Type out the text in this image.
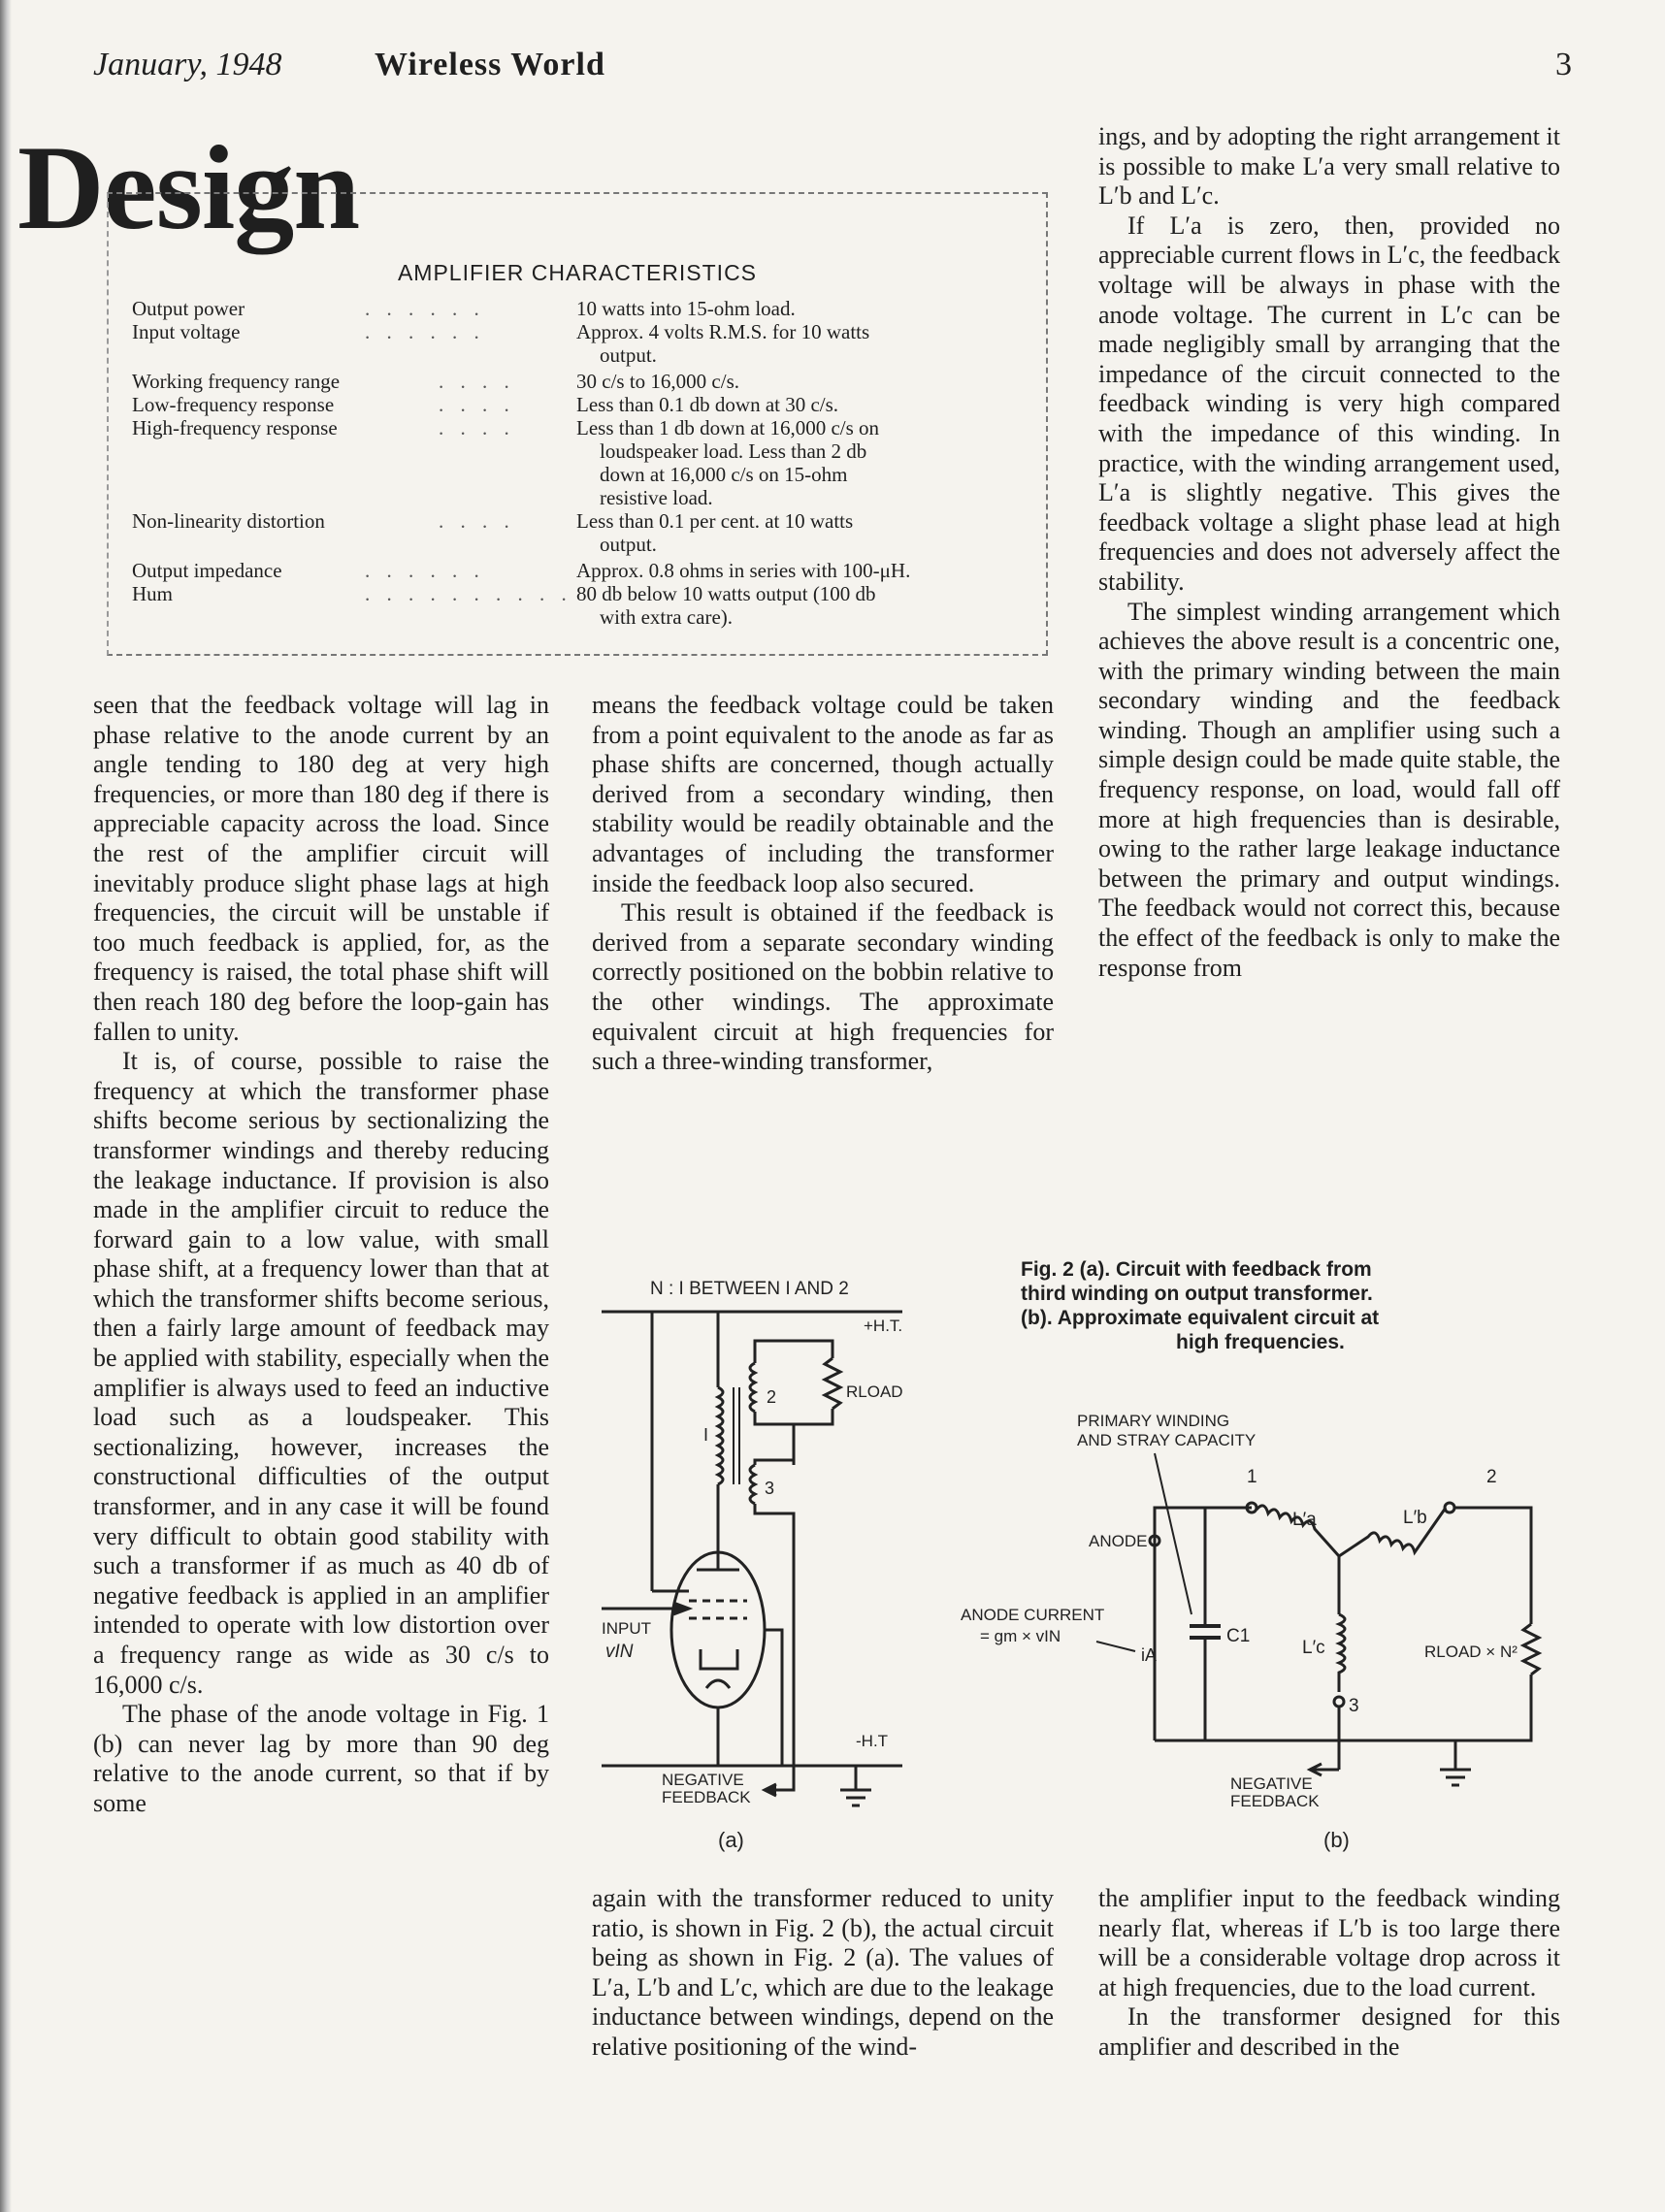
January, 1948	Wireless World	3
Design
AMPLIFIER CHARACTERISTICS
Output power	. . . . . .	10 watts into 15-ohm load.
Input voltage	. . . . . .	Approx. 4 volts R.M.S. for 10 watts
output.
Working frequency range	. . . .	30 c/s to 16,000 c/s.
Low-frequency response	. . . .	Less than 0.1 db down at 30 c/s.
High-frequency response	. . . .	Less than 1 db down at 16,000 c/s on
loudspeaker load. Less than 2 db
down at 16,000 c/s on 15-ohm
resistive load.
Non-linearity distortion	. . . .	Less than 0.1 per cent. at 10 watts
output.
Output impedance	. . . . . .	Approx. 0.8 ohms in series with 100-μH.
Hum	. . . . . . . . . . 80 db below 10 watts output (100 db
with extra care).

seen that the feedback voltage will lag in phase relative to the anode current by an angle tending to 180 deg at very high frequencies, or more than 180 deg if there is appreciable capacity across the load. Since the rest of the amplifier circuit will inevitably produce slight phase lags at high frequencies, the circuit will be unstable if too much feedback is applied, for, as the frequency is raised, the total phase shift will then reach 180 deg before the loop-gain has fallen to unity.

It is, of course, possible to raise the frequency at which the transformer phase shifts become serious by sectionalizing the transformer windings and thereby reducing the leakage inductance. If provision is also made in the amplifier circuit to reduce the forward gain to a low value, with small phase shift, at a frequency lower than that at which the transformer shifts become serious, then a fairly large amount of feedback may be applied with stability, especially when the amplifier is always used to feed an inductive load such as a loudspeaker. This sectionalizing, however, increases the constructional difficulties of the output transformer, and in any case it will be found very difficult to obtain good stability with such a transformer if as much as 40 db of negative feedback is applied in an amplifier intended to operate with low distortion over a frequency range as wide as 30 c/s to 16,000 c/s.

The phase of the anode voltage in Fig. 1 (b) can never lag by more than 90 deg relative to the anode current, so that if by some

means the feedback voltage could be taken from a point equivalent to the anode as far as phase shifts are concerned, though actually derived from a secondary winding, then stability would be readily obtainable and the advantages of including the transformer inside the feedback loop also secured.

This result is obtained if the feedback is derived from a separate secondary winding correctly positioned on the bobbin relative to the other windings. The approximate equivalent circuit at high frequencies for such a three-winding transformer,

again with the transformer reduced to unity ratio, is shown in Fig. 2 (b), the actual circuit being as shown in Fig. 2 (a). The values of L′a, L′b and L′c, which are due to the leakage inductance between windings, depend on the relative positioning of the wind-

ings, and by adopting the right arrangement it is possible to make L′a very small relative to L′b and L′c.

If L′a is zero, then, provided no appreciable current flows in L′c, the feedback voltage will be always in phase with the anode voltage. The current in L′c can be made negligibly small by arranging that the impedance of the circuit connected to the feedback winding is very high compared with the impedance of this winding. In practice, with the winding arrangement used, L′a is slightly negative. This gives the feedback voltage a slight phase lead at high frequencies and does not adversely affect the stability.

The simplest winding arrangement which achieves the above result is a concentric one, with the primary winding between the main secondary winding and the feedback winding. Though an amplifier using such a simple design could be made quite stable, the frequency response, on load, would fall off more at high frequencies than is desirable, owing to the rather large leakage inductance between the primary and output windings. The feedback would not correct this, because the effect of the feedback is only to make the response from

the amplifier input to the feedback winding nearly flat, whereas if L′b is too large there will be a considerable voltage drop across it at high frequencies, due to the load current.

In the transformer designed for this amplifier and described in the

Fig. 2 (a). Circuit with feedback from
third winding on output transformer.
(b). Approximate equivalent circuit at
high frequencies.
N : I BETWEEN I AND 2
+H.T.
I
2	RLOAD
3
INPUT
vIN
-H.T
NEGATIVE
FEEDBACK
(a)
PRIMARY WINDING
AND STRAY CAPACITY
ANODE
C1
ANODE CURRENT
= gm × vIN
iA
1
L′a	L′b
2
RLOAD × N²
L′c
3
NEGATIVE
FEEDBACK
(b)
